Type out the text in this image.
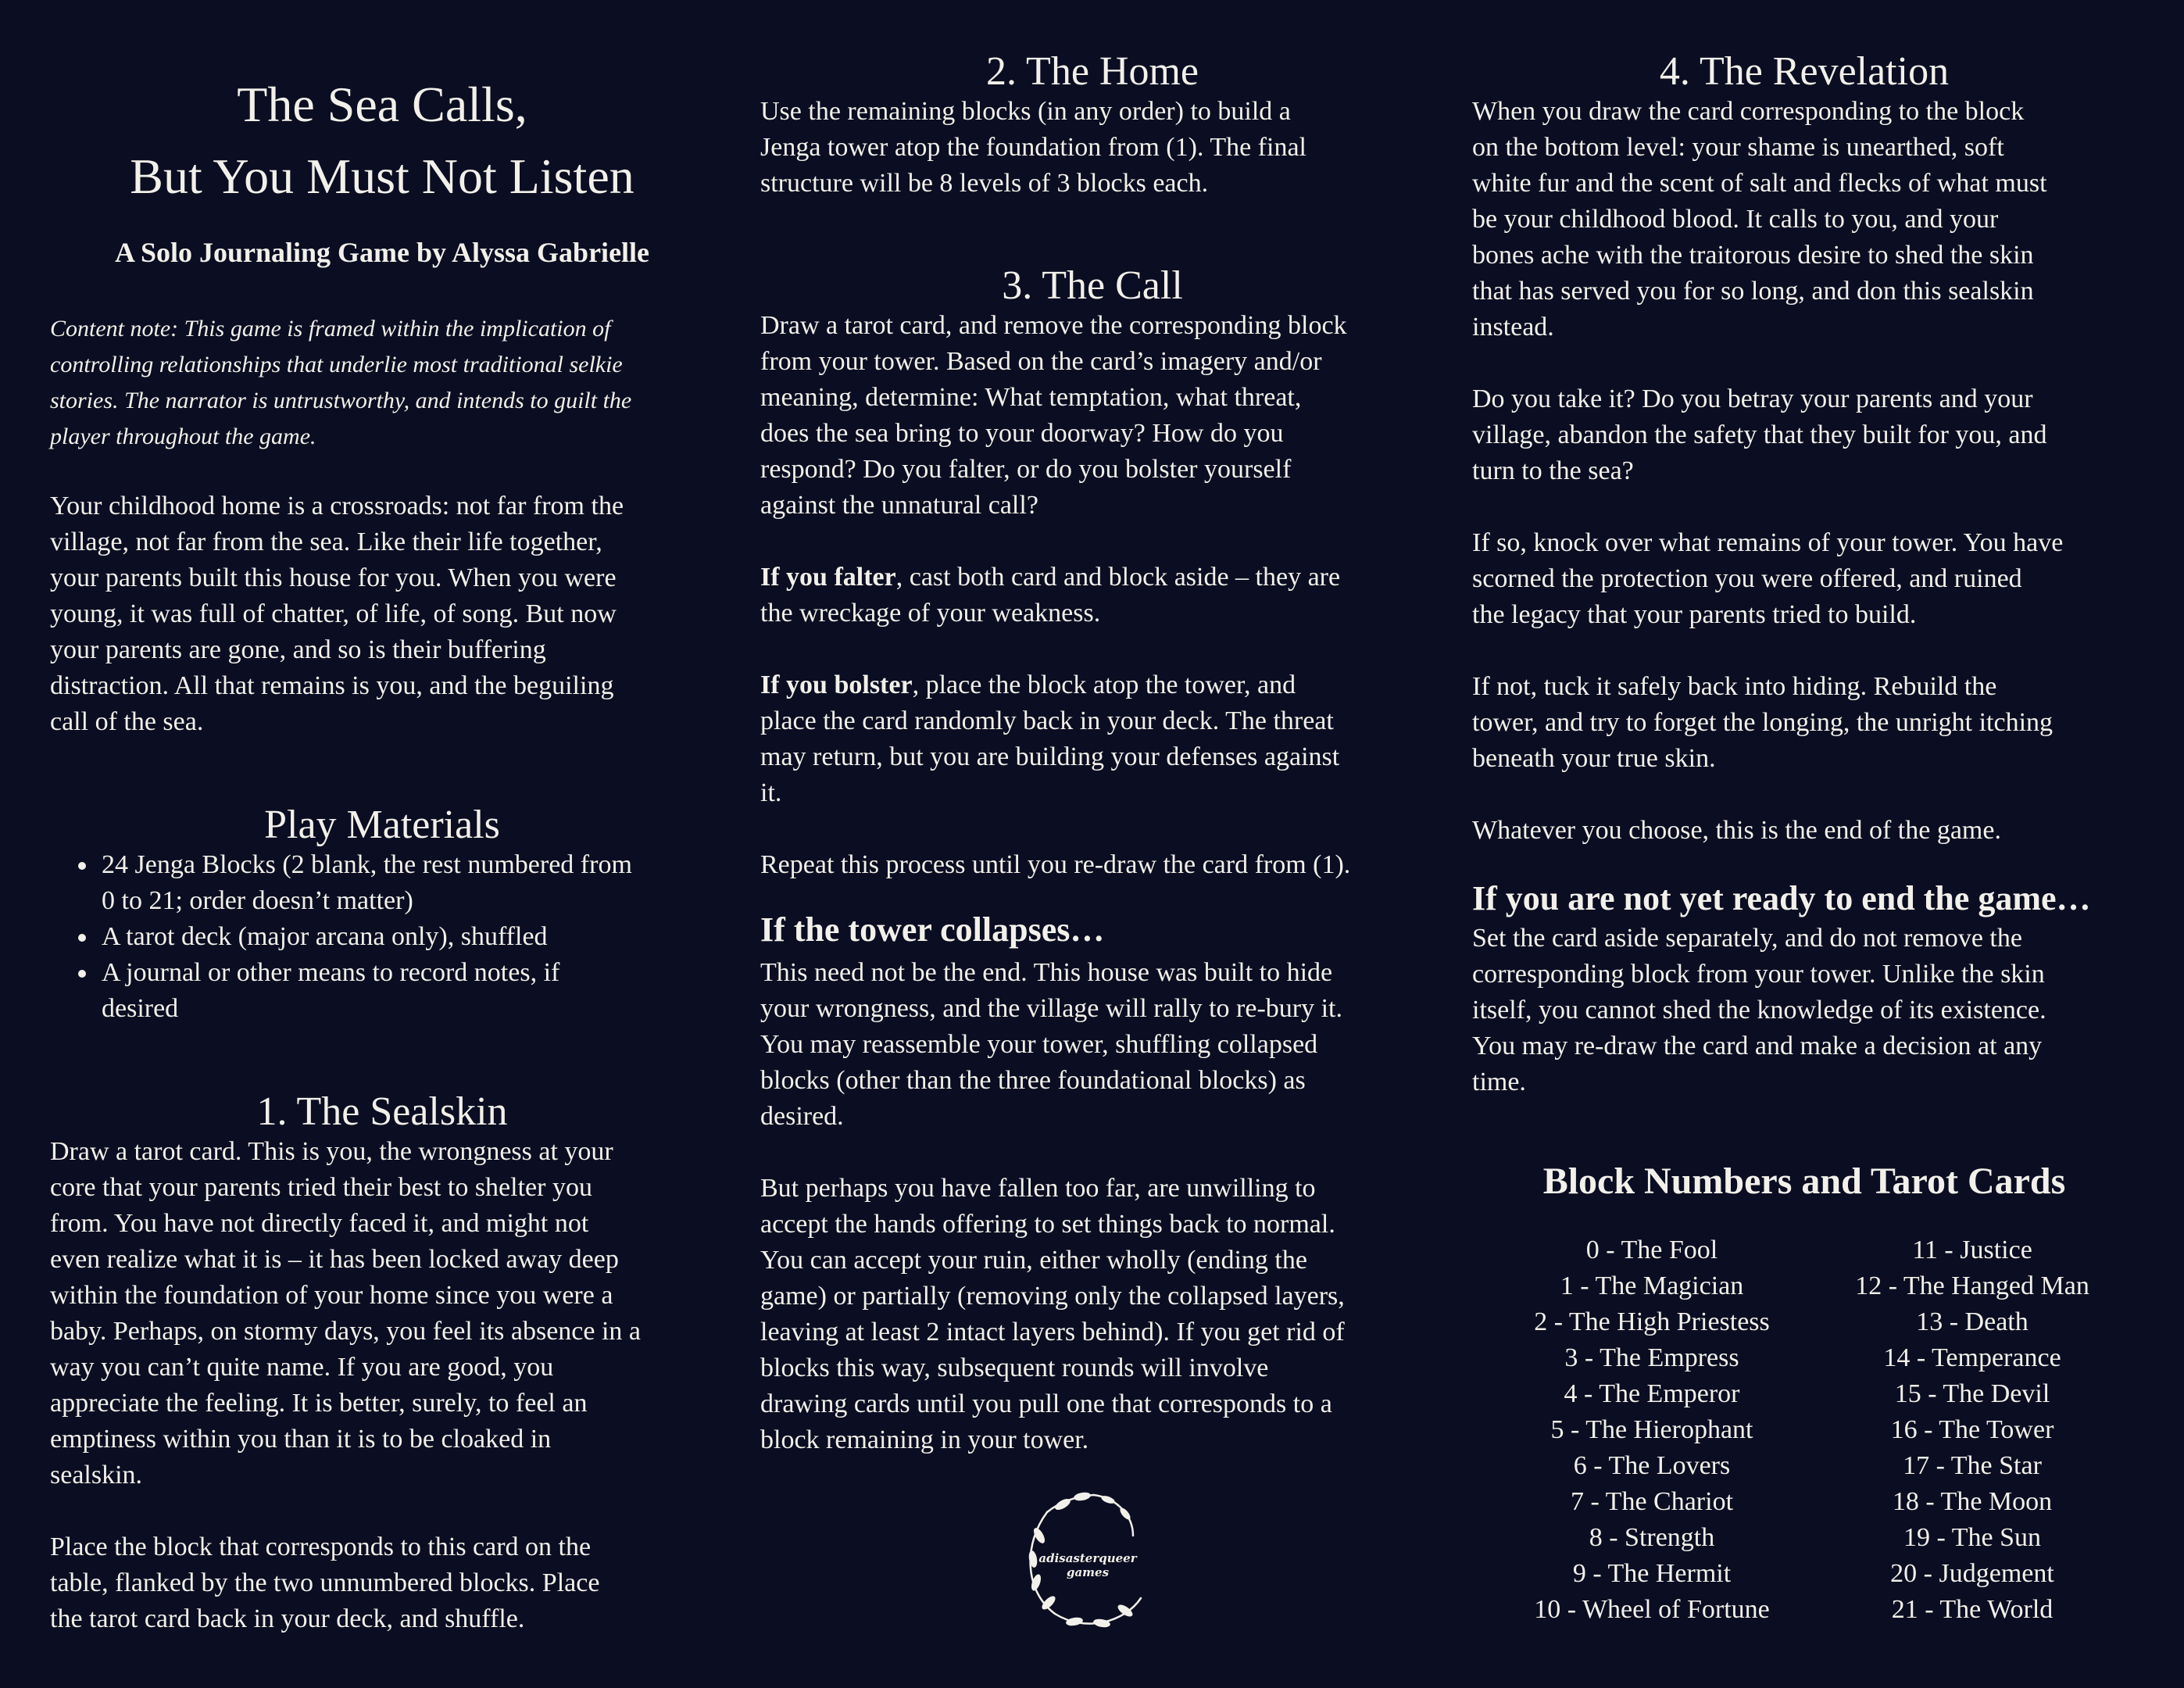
The Sea Calls,
But You Must Not Listen

A Solo Journaling Game by Alyssa Gabrielle

Content note: This game is framed within the implication of

controlling relationships that underlie most traditional selkie

stories. The narrator is untrustworthy, and intends to guilt the

player throughout the game.

Your childhood home is a crossroads: not far from the

village, not far from the sea. Like their life together,

your parents built this house for you. When you were

young, it was full of chatter, of life, of song. But now

your parents are gone, and so is their buffering

distraction. All that remains is you, and the beguiling

call of the sea.

Play Materials
• 24 Jenga Blocks (2 blank, the rest numbered from
0 to 21; order doesn’t matter)
• A tarot deck (major arcana only), shuffled
• A journal or other means to record notes, if
desired
1. The Sealskin

Draw a tarot card. This is you, the wrongness at your

core that your parents tried their best to shelter you

from. You have not directly faced it, and might not

even realize what it is – it has been locked away deep

within the foundation of your home since you were a

baby. Perhaps, on stormy days, you feel its absence in a

way you can’t quite name. If you are good, you

appreciate the feeling. It is better, surely, to feel an

emptiness within you than it is to be cloaked in

sealskin.

Place the block that corresponds to this card on the

table, flanked by the two unnumbered blocks. Place

the tarot card back in your deck, and shuffle.

2. The Home

Use the remaining blocks (in any order) to build a

Jenga tower atop the foundation from (1). The final

structure will be 8 levels of 3 blocks each.

3. The Call

Draw a tarot card, and remove the corresponding block

from your tower. Based on the card’s imagery and/or

meaning, determine: What temptation, what threat,

does the sea bring to your doorway? How do you

respond? Do you falter, or do you bolster yourself

against the unnatural call?

If you falter, cast both card and block aside – they are

the wreckage of your weakness.

If you bolster, place the block atop the tower, and

place the card randomly back in your deck. The threat

may return, but you are building your defenses against

it.

Repeat this process until you re-draw the card from (1).

If the tower collapses…

This need not be the end. This house was built to hide

your wrongness, and the village will rally to re-bury it.

You may reassemble your tower, shuffling collapsed

blocks (other than the three foundational blocks) as

desired.

But perhaps you have fallen too far, are unwilling to

accept the hands offering to set things back to normal.

You can accept your ruin, either wholly (ending the

game) or partially (removing only the collapsed layers,

leaving at least 2 intact layers behind). If you get rid of

blocks this way, subsequent rounds will involve

drawing cards until you pull one that corresponds to a

block remaining in your tower.

adisasterqueer
games
4. The Revelation

When you draw the card corresponding to the block

on the bottom level: your shame is unearthed, soft

white fur and the scent of salt and flecks of what must

be your childhood blood. It calls to you, and your

bones ache with the traitorous desire to shed the skin

that has served you for so long, and don this sealskin

instead.

Do you take it? Do you betray your parents and your

village, abandon the safety that they built for you, and

turn to the sea?

If so, knock over what remains of your tower. You have

scorned the protection you were offered, and ruined

the legacy that your parents tried to build.

If not, tuck it safely back into hiding. Rebuild the

tower, and try to forget the longing, the unright itching

beneath your true skin.

Whatever you choose, this is the end of the game.

If you are not yet ready to end the game…

Set the card aside separately, and do not remove the

corresponding block from your tower. Unlike the skin

itself, you cannot shed the knowledge of its existence.

You may re-draw the card and make a decision at any

time.

Block Numbers and Tarot Cards
0 - The Fool
1 - The Magician
2 - The High Priestess
3 - The Empress
4 - The Emperor
5 - The Hierophant
6 - The Lovers
7 - The Chariot
8 - Strength
9 - The Hermit
10 - Wheel of Fortune
11 - Justice
12 - The Hanged Man
13 - Death
14 - Temperance
15 - The Devil
16 - The Tower
17 - The Star
18 - The Moon
19 - The Sun
20 - Judgement
21 - The World
